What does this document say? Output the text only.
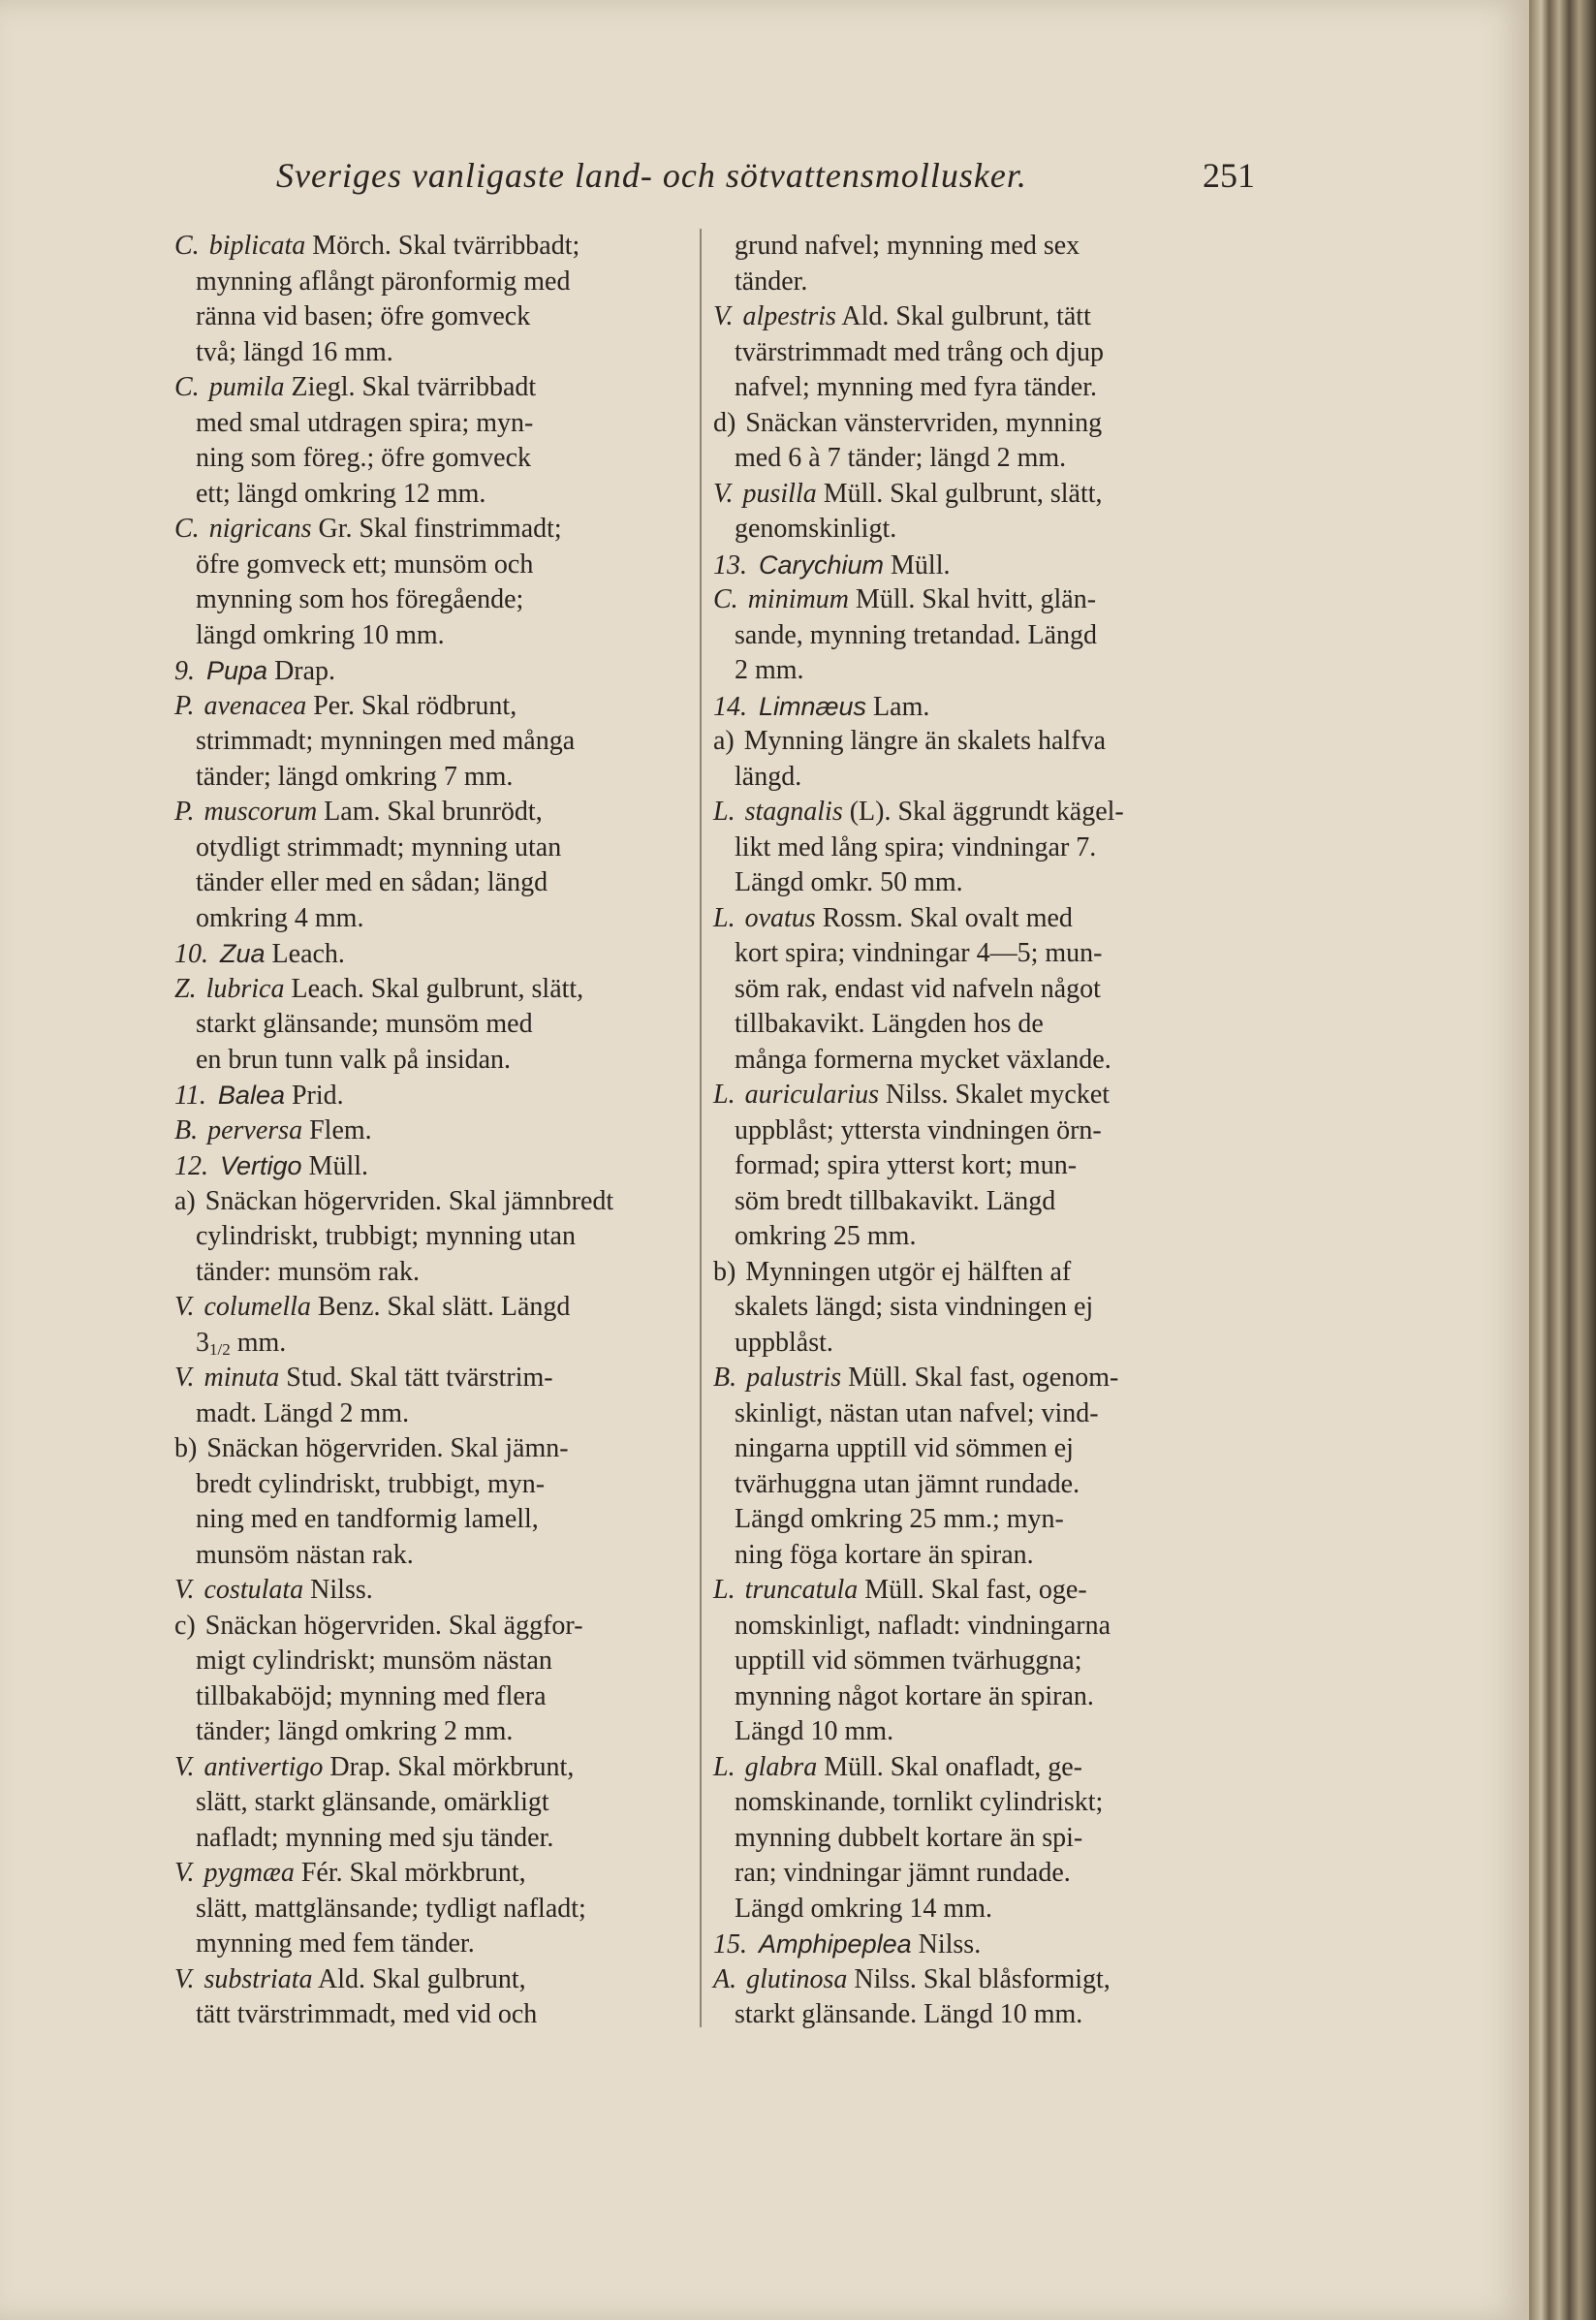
Sveriges vanligaste land- och sötvattensmollusker.	251
C. biplicata Mörch. Skal tvärribbadt;
mynning aflångt päronformig med
ränna vid basen; öfre gomveck
två; längd 16 mm.
C. pumila Ziegl. Skal tvärribbadt
med smal utdragen spira; myn-
ning som föreg.; öfre gomveck
ett; längd omkring 12 mm.
C. nigricans Gr. Skal finstrimmadt;
öfre gomveck ett; munsöm och
mynning som hos föregående;
längd omkring 10 mm.
9. Pupa Drap.
P. avenacea Per. Skal rödbrunt,
strimmadt; mynningen med många
tänder; längd omkring 7 mm.
P. muscorum Lam. Skal brunrödt,
otydligt strimmadt; mynning utan
tänder eller med en sådan; längd
omkring 4 mm.
10. Zua Leach.
Z. lubrica Leach. Skal gulbrunt, slätt,
starkt glänsande; munsöm med
en brun tunn valk på insidan.
11. Balea Prid.
B. perversa Flem.
12. Vertigo Müll.
a) Snäckan högervriden. Skal jämnbredt
cylindriskt, trubbigt; mynning utan
tänder: munsöm rak.
V. columella Benz. Skal slätt. Längd
31/2 mm.
V. minuta Stud. Skal tätt tvärstrim-
madt. Längd 2 mm.
b) Snäckan högervriden. Skal jämn-
bredt cylindriskt, trubbigt, myn-
ning med en tandformig lamell,
munsöm nästan rak.
V. costulata Nilss.
c) Snäckan högervriden. Skal äggfor-
migt cylindriskt; munsöm nästan
tillbakaböjd; mynning med flera
tänder; längd omkring 2 mm.
V. antivertigo Drap. Skal mörkbrunt,
slätt, starkt glänsande, omärkligt
nafladt; mynning med sju tänder.
V. pygmæa Fér. Skal mörkbrunt,
slätt, mattglänsande; tydligt nafladt;
mynning med fem tänder.
V. substriata Ald. Skal gulbrunt,
tätt tvärstrimmadt, med vid och
grund nafvel; mynning med sex
tänder.
V. alpestris Ald. Skal gulbrunt, tätt
tvärstrimmadt med trång och djup
nafvel; mynning med fyra tänder.
d) Snäckan vänstervriden, mynning
med 6 à 7 tänder; längd 2 mm.
V. pusilla Müll. Skal gulbrunt, slätt,
genomskinligt.
13. Carychium Müll.
C. minimum Müll. Skal hvitt, glän-
sande, mynning tretandad. Längd
2 mm.
14. Limnæus Lam.
a) Mynning längre än skalets halfva
längd.
L. stagnalis (L). Skal äggrundt kägel-
likt med lång spira; vindningar 7.
Längd omkr. 50 mm.
L. ovatus Rossm. Skal ovalt med
kort spira; vindningar 4—5; mun-
söm rak, endast vid nafveln något
tillbakavikt. Längden hos de
många formerna mycket växlande.
L. auricularius Nilss. Skalet mycket
uppblåst; yttersta vindningen örn-
formad; spira ytterst kort; mun-
söm bredt tillbakavikt. Längd
omkring 25 mm.
b) Mynningen utgör ej hälften af
skalets längd; sista vindningen ej
uppblåst.
B. palustris Müll. Skal fast, ogenom-
skinligt, nästan utan nafvel; vind-
ningarna upptill vid sömmen ej
tvärhuggna utan jämnt rundade.
Längd omkring 25 mm.; myn-
ning föga kortare än spiran.
L. truncatula Müll. Skal fast, oge-
nomskinligt, nafladt: vindningarna
upptill vid sömmen tvärhuggna;
mynning något kortare än spiran.
Längd 10 mm.
L. glabra Müll. Skal onafladt, ge-
nomskinande, tornlikt cylindriskt;
mynning dubbelt kortare än spi-
ran; vindningar jämnt rundade.
Längd omkring 14 mm.
15. Amphipeplea Nilss.
A. glutinosa Nilss. Skal blåsformigt,
starkt glänsande. Längd 10 mm.
